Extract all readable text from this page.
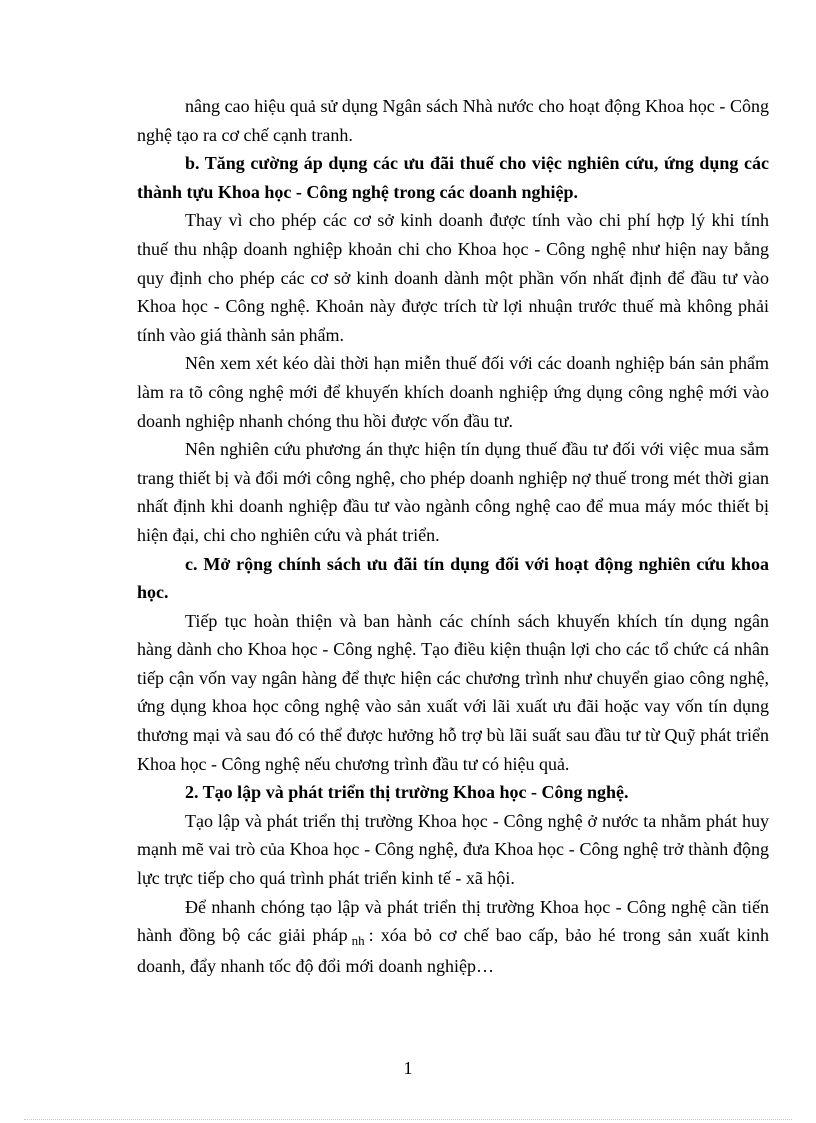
nâng cao hiệu quả sử dụng Ngân sách Nhà nước cho hoạt động Khoa học - Công nghệ tạo ra cơ chế cạnh tranh.

b. Tăng cường áp dụng các ưu đãi thuế cho việc nghiên cứu, ứng dụng các thành tựu Khoa học - Công nghệ trong các doanh nghiệp.

Thay vì cho phép các cơ sở kinh doanh được tính vào chi phí hợp lý khi tính thuế thu nhập doanh nghiệp khoản chi cho Khoa học - Công nghệ như hiện nay bằng quy định cho phép các cơ sở kinh doanh dành một phần vốn nhất định để đầu tư vào Khoa học - Công nghệ. Khoản này được trích từ lợi nhuận trước thuế mà không phải tính vào giá thành sản phẩm.

Nên xem xét kéo dài thời hạn miễn thuế đối với các doanh nghiệp bán sản phẩm làm ra tõ công nghệ mới để khuyến khích doanh nghiệp ứng dụng công nghệ mới vào doanh nghiệp nhanh chóng thu hồi được vốn đầu tư.

Nên nghiên cứu phương án thực hiện tín dụng thuế đầu tư đối với việc mua sắm trang thiết bị và đổi mới công nghệ, cho phép doanh nghiệp nợ thuế trong mét thời gian nhất định khi doanh nghiệp đầu tư vào ngành công nghệ cao để mua máy móc thiết bị hiện đại, chi cho nghiên cứu và phát triển.

c. Mở rộng chính sách ưu đãi tín dụng đối với hoạt động nghiên cứu khoa học.

Tiếp tục hoàn thiện và ban hành các chính sách khuyến khích tín dụng ngân hàng dành cho Khoa học - Công nghệ. Tạo điều kiện thuận lợi cho các tổ chức cá nhân tiếp cận vốn vay ngân hàng để thực hiện các chương trình như chuyển giao công nghệ, ứng dụng khoa học công nghệ vào sản xuất với lãi xuất ưu đãi hoặc vay vốn tín dụng thương mại và sau đó có thể được hưởng hỗ trợ bù lãi suất sau đầu tư từ Quỹ phát triển Khoa học - Công nghệ nếu chương trình đầu tư có hiệu quả.

2. Tạo lập và phát triển thị trường Khoa học - Công nghệ.

Tạo lập và phát triển thị trường Khoa học - Công nghệ ở nước ta nhằm phát huy mạnh mẽ vai trò của Khoa học - Công nghệ, đưa Khoa học - Công nghệ trở thành động lực trực tiếp cho quá trình phát triển kinh tế - xã hội.

Để nhanh chóng tạo lập và phát triển thị trường Khoa học - Công nghệ cần tiến hành đồng bộ các giải pháp $_{nh}$ : xóa bỏ cơ chế bao cấp, bảo hé trong sản xuất kinh doanh, đẩy nhanh tốc độ đổi mới doanh nghiệp…

1
